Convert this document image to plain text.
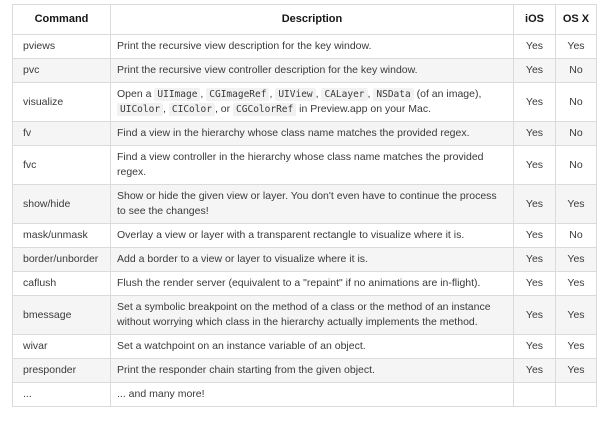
Command	Description	iOS	OS X
pviews	Print the recursive view description for the key window.	Yes	Yes
pvc	Print the recursive view controller description for the key window.	Yes	No
visualize	Open a UIImage , CGImageRef , UIView , CALayer , NSData (of an image), UIColor , CIColor , or CGColorRef in Preview.app on your Mac.	Yes	No
fv	Find a view in the hierarchy whose class name matches the provided regex.	Yes	No
fvc	Find a view controller in the hierarchy whose class name matches the provided regex.	Yes	No
show/hide	Show or hide the given view or layer. You don't even have to continue the process to see the changes!	Yes	Yes
mask/unmask	Overlay a view or layer with a transparent rectangle to visualize where it is.	Yes	No
border/unborder	Add a border to a view or layer to visualize where it is.	Yes	Yes
caflush	Flush the render server (equivalent to a "repaint" if no animations are in-flight).	Yes	Yes
bmessage	Set a symbolic breakpoint on the method of a class or the method of an instance without worrying which class in the hierarchy actually implements the method.	Yes	Yes
wivar	Set a watchpoint on an instance variable of an object.	Yes	Yes
presponder	Print the responder chain starting from the given object.	Yes	Yes
...	... and many more!		
